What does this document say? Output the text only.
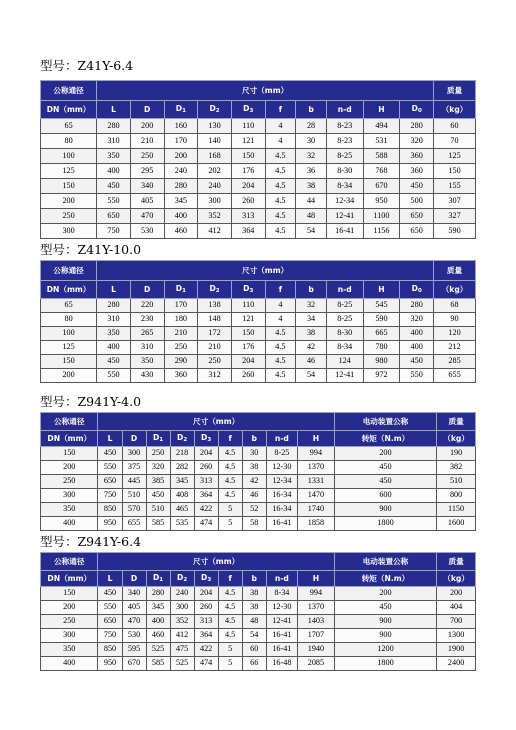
型号：Z41Y-6.4
公称通径	尺寸（mm）										质量
DN（mm）	L	D	$D_1$	$D_2$	$D_3$	f	b	n-d	H	$D_0$	（kg）
65	280	200	160	130	110	4	28	8-23	494	280	60
80	310	210	170	140	121	4	30	8-23	531	320	70
100	350	250	200	168	150	4.5	32	8-25	588	360	125
125	400	295	240	202	176	4.5	36	8-30	768	360	150
150	450	340	280	240	204	4.5	38	8-34	670	450	155
200	550	405	345	300	260	4.5	44	12-34	950	500	307
250	650	470	400	352	313	4.5	48	12-41	1100	650	327
300	750	530	460	412	364	4.5	54	16-41	1156	650	590
型号：Z41Y-10.0
公称通径	尺寸（mm）										质量
DN（mm）	L	D	$D_1$	$D_2$	$D_3$	f	b	n-d	H	$D_0$	（kg）
65	280	220	170	138	110	4	32	8-25	545	280	68
80	310	230	180	148	121	4	34	8-25	590	320	90
100	350	265	210	172	150	4.5	38	8-30	665	400	120
125	400	310	250	210	176	4.5	42	8-34	780	400	212
150	450	350	290	250	204	4.5	46	124	980	450	285
200	550	430	360	312	260	4.5	54	12-41	972	550	655
型号：Z941Y-4.0
公称通径	尺寸（mm）									电动装置公称	质量
DN（mm）	L	D	$D_1$	$D_2$	$D_3$	f	b	n-d	H	转矩（N.m）	（kg）
150	450	300	250	218	204	4.5	30	8-25	994	200	190
200	550	375	320	282	260	4.5	38	12-30	1370	450	382
250	650	445	385	345	313	4.5	42	12-34	1331	450	510
300	750	510	450	408	364	4.5	46	16-34	1470	600	800
350	850	570	510	465	422	5	52	16-34	1740	900	1150
400	950	655	585	535	474	5	58	16-41	1858	1800	1600
型号：Z941Y-6.4
公称通径	尺寸（mm）									电动装置公称	质量
DN（mm）	L	D	$D_1$	$D_2$	$D_3$	f	b	n-d	H	转矩（N.m）	（kg）
150	450	340	280	240	204	4.5	38	8-34	994	200	200
200	550	405	345	300	260	4.5	38	12-30	1370	450	404
250	650	470	400	352	313	4.5	48	12-41	1403	900	700
300	750	530	460	412	364	4.5	54	16-41	1707	900	1300
350	850	595	525	475	422	5	60	16-41	1940	1200	1900
400	950	670	585	525	474	5	66	16-48	2085	1800	2400
